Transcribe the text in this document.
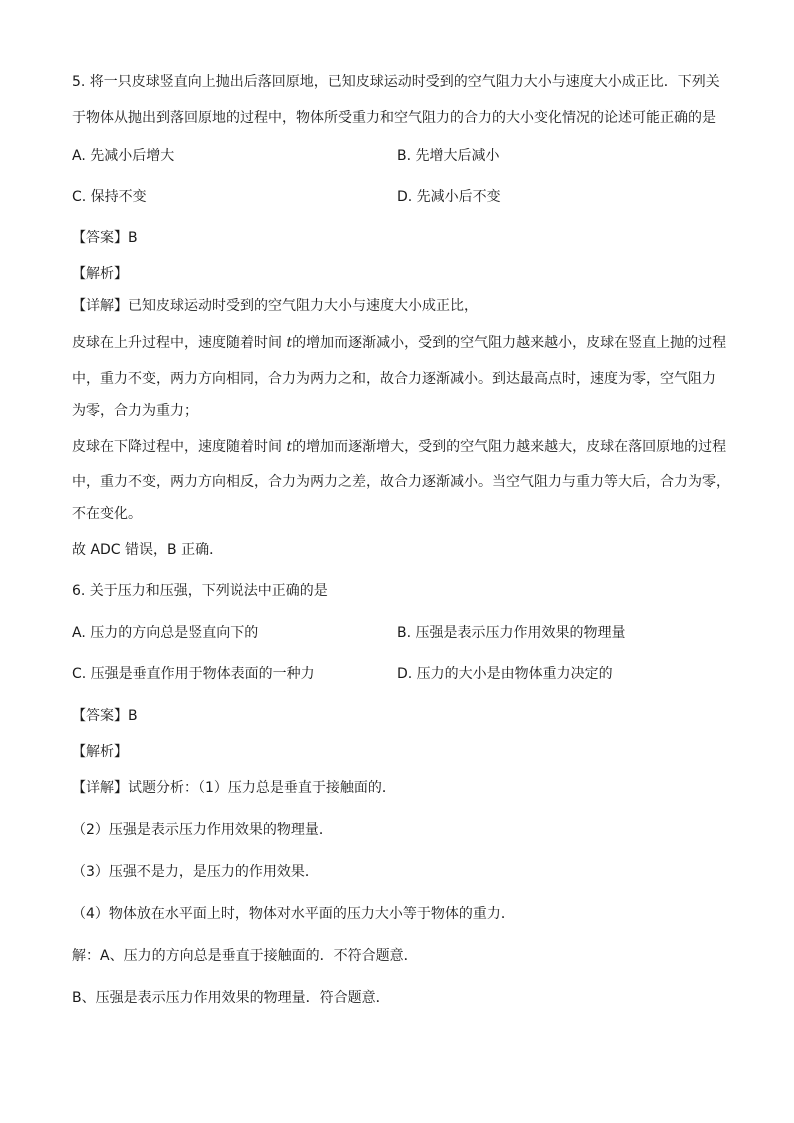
5. 将一只皮球竖直向上抛出后落回原地，已知皮球运动时受到的空气阻力大小与速度大小成正比．下列关
于物体从抛出到落回原地的过程中，物体所受重力和空气阻力的合力的大小变化情况的论述可能正确的是
A. 先减小后增大	B. 先增大后减小
C. 保持不变	D. 先减小后不变
【答案】B
【解析】
【详解】已知皮球运动时受到的空气阻力大小与速度大小成正比，
皮球在上升过程中，速度随着时间 t的增加而逐渐减小，受到的空气阻力越来越小，皮球在竖直上抛的过程
中，重力不变，两力方向相同，合力为两力之和，故合力逐渐减小。到达最高点时，速度为零，空气阻力
为零，合力为重力；
皮球在下降过程中，速度随着时间 t的增加而逐渐增大，受到的空气阻力越来越大，皮球在落回原地的过程
中，重力不变，两力方向相反，合力为两力之差，故合力逐渐减小。当空气阻力与重力等大后，合力为零，
不在变化。
故 ADC 错误，B 正确．
6. 关于压力和压强，下列说法中正确的是
A. 压力的方向总是竖直向下的	B. 压强是表示压力作用效果的物理量
C. 压强是垂直作用于物体表面的一种力	D. 压力的大小是由物体重力决定的
【答案】B
【解析】
【详解】试题分析：（1）压力总是垂直于接触面的．
（2）压强是表示压力作用效果的物理量．
（3）压强不是力，是压力的作用效果．
（4）物体放在水平面上时，物体对水平面的压力大小等于物体的重力．
解：A、压力的方向总是垂直于接触面的．不符合题意．
B、压强是表示压力作用效果的物理量．符合题意．
